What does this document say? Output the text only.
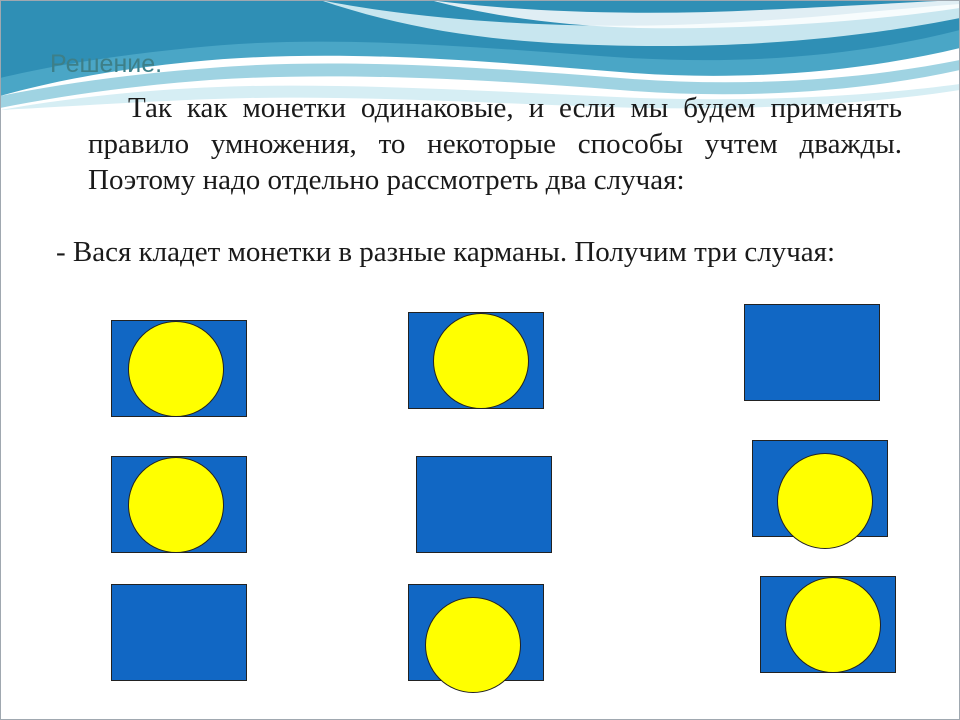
Решение.

Так как монетки одинаковые, и если мы будем применять правило умножения, то некоторые способы учтем дважды. Поэтому надо отдельно рассмотреть два случая:

- Вася кладет монетки в разные карманы. Получим три случая:
